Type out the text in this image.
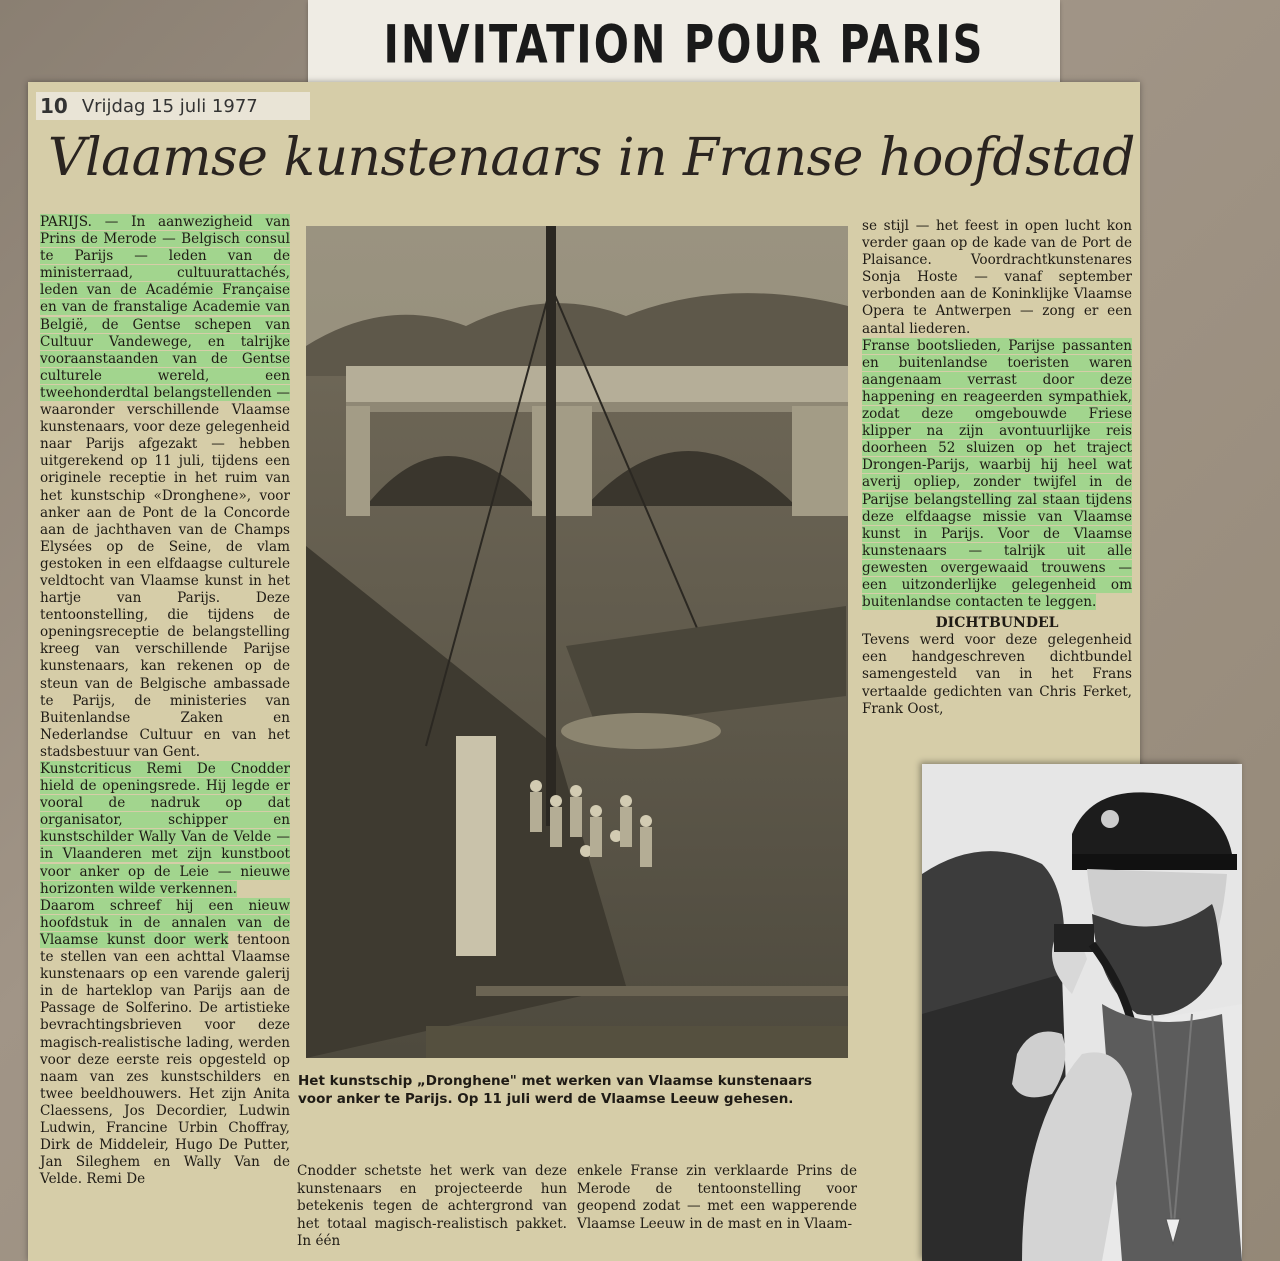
INVITATION POUR PARIS
10 Vrijdag 15 juli 1977
Vlaamse kunstenaars in Franse hoofdstad

PARIJS. — In aanwezigheid van Prins de Merode — Belgisch consul te Parijs — leden van de ministerraad, cultuurattachés, leden van de Académie Française en van de franstalige Academie van België, de Gentse schepen van Cultuur Vandewege, en talrijke vooraanstaanden van de Gentse culturele wereld, een tweehonderdtal belangstellenden — waaronder verschillende Vlaamse kunstenaars, voor deze gelegenheid naar Parijs afgezakt — hebben uitgerekend op 11 juli, tijdens een originele receptie in het ruim van het kunstschip «Dronghene», voor anker aan de Pont de la Concorde aan de jachthaven van de Champs Elysées op de Seine, de vlam gestoken in een elfdaagse culturele veldtocht van Vlaamse kunst in het hartje van Parijs. Deze tentoonstelling, die tijdens de openingsreceptie de belangstelling kreeg van verschillende Parijse kunstenaars, kan rekenen op de steun van de Belgische ambassade te Parijs, de ministeries van Buitenlandse Zaken en Nederlandse Cultuur en van het stadsbestuur van Gent.

Kunstcriticus Remi De Cnodder hield de openingsrede. Hij legde er vooral de nadruk op dat organisator, schipper en kunstschilder Wally Van de Velde — in Vlaanderen met zijn kunstboot voor anker op de Leie — nieuwe horizonten wilde verkennen.

Daarom schreef hij een nieuw hoofdstuk in de annalen van de Vlaamse kunst door werk tentoon te stellen van een achttal Vlaamse kunstenaars op een varende galerij in de harteklop van Parijs aan de Passage de Solferino. De artistieke bevrachtingsbrieven voor deze magisch-realistische lading, werden voor deze eerste reis opgesteld op naam van zes kunstschilders en twee beeldhouwers. Het zijn Anita Claessens, Jos Decordier, Ludwin Ludwin, Francine Urbin Choffray, Dirk de Middeleir, Hugo De Putter, Jan Sileghem en Wally Van de Velde. Remi De

Het kunstschip „Dronghene" met werken van Vlaamse kunstenaars voor anker te Parijs. Op 11 juli werd de Vlaamse Leeuw gehesen.
Cnodder schetste het werk van deze kunstenaars en projecteerde hun betekenis tegen de achtergrond van het totaal magisch-realistisch pakket. In één
enkele Franse zin verklaarde Prins de Merode de tentoonstelling voor geopend zodat — met een wapperende Vlaamse Leeuw in de mast en in Vlaam-

se stijl — het feest in open lucht kon verder gaan op de kade van de Port de Plaisance. Voordrachtkunstenares Sonja Hoste — vanaf september verbonden aan de Koninklijke Vlaamse Opera te Antwerpen — zong er een aantal liederen.

Franse bootslieden, Parijse passanten en buitenlandse toeristen waren aangenaam verrast door deze happening en reageerden sympathiek, zodat deze omgebouwde Friese klipper na zijn avontuurlijke reis doorheen 52 sluizen op het traject Drongen-Parijs, waarbij hij heel wat averij opliep, zonder twijfel in de Parijse belangstelling zal staan tijdens deze elfdaagse missie van Vlaamse kunst in Parijs. Voor de Vlaamse kunstenaars — talrijk uit alle gewesten overgewaaid trouwens — een uitzonderlijke gelegenheid om buitenlandse contacten te leggen.

DICHTBUNDEL

Tevens werd voor deze gelegenheid een handgeschreven dichtbundel samengesteld van in het Frans vertaalde gedichten van Chris Ferket, Frank Oost,
